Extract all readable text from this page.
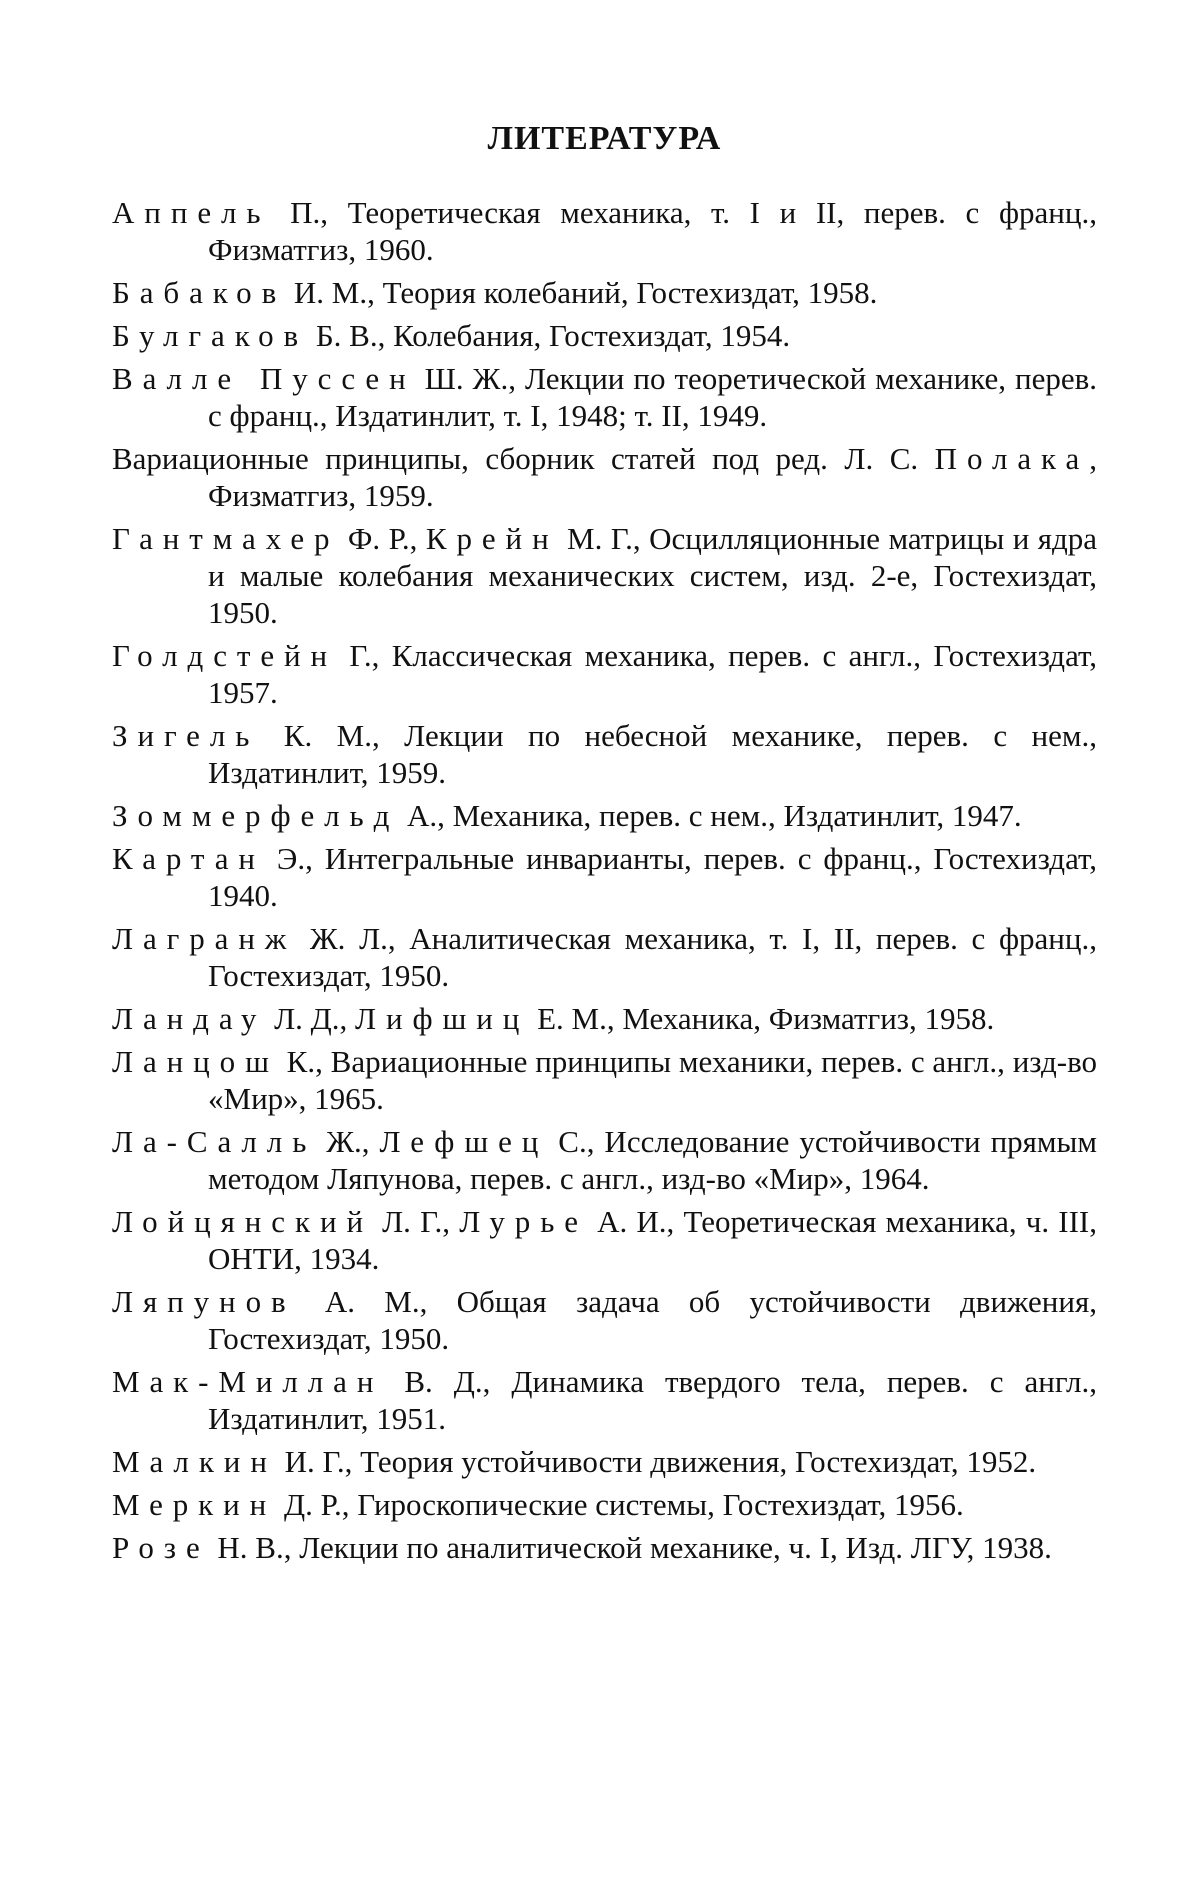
ЛИТЕРАТУРА
Аппель П., Теоретическая механика, т. I и II, перев. с франц., Физматгиз, 1960.
Бабаков И. М., Теория колебаний, Гостехиздат, 1958.
Булгаков Б. В., Колебания, Гостехиздат, 1954.
Валле Пуссен Ш. Ж., Лекции по теоретической механике, перев. с франц., Издатинлит, т. I, 1948; т. II, 1949.
Вариационные принципы, сборник статей под ред. Л. С. Полака, Физматгиз, 1959.
Гантмахер Ф. Р., Крейн М. Г., Осцилляционные матрицы и ядра и малые колебания механических систем, изд. 2-е, Гостехиздат, 1950.
Голдстейн Г., Классическая механика, перев. с англ., Гостехиздат, 1957.
Зигель К. М., Лекции по небесной механике, перев. с нем., Издатинлит, 1959.
Зоммерфельд А., Механика, перев. с нем., Издатинлит, 1947.
Картан Э., Интегральные инварианты, перев. с франц., Гостехиздат, 1940.
Лагранж Ж. Л., Аналитическая механика, т. I, II, перев. с франц., Гостехиздат, 1950.
Ландау Л. Д., Лифшиц Е. М., Механика, Физматгиз, 1958.
Ланцош К., Вариационные принципы механики, перев. с англ., изд-во «Мир», 1965.
Ла-Салль Ж., Лефшец С., Исследование устойчивости прямым методом Ляпунова, перев. с англ., изд-во «Мир», 1964.
Лойцянский Л. Г., Лурье А. И., Теоретическая механика, ч. III, ОНТИ, 1934.
Ляпунов А. М., Общая задача об устойчивости движения, Гостехиздат, 1950.
Мак-Миллан В. Д., Динамика твердого тела, перев. с англ., Издатинлит, 1951.
Малкин И. Г., Теория устойчивости движения, Гостехиздат, 1952.
Меркин Д. Р., Гироскопические системы, Гостехиздат, 1956.
Розе Н. В., Лекции по аналитической механике, ч. I, Изд. ЛГУ, 1938.
